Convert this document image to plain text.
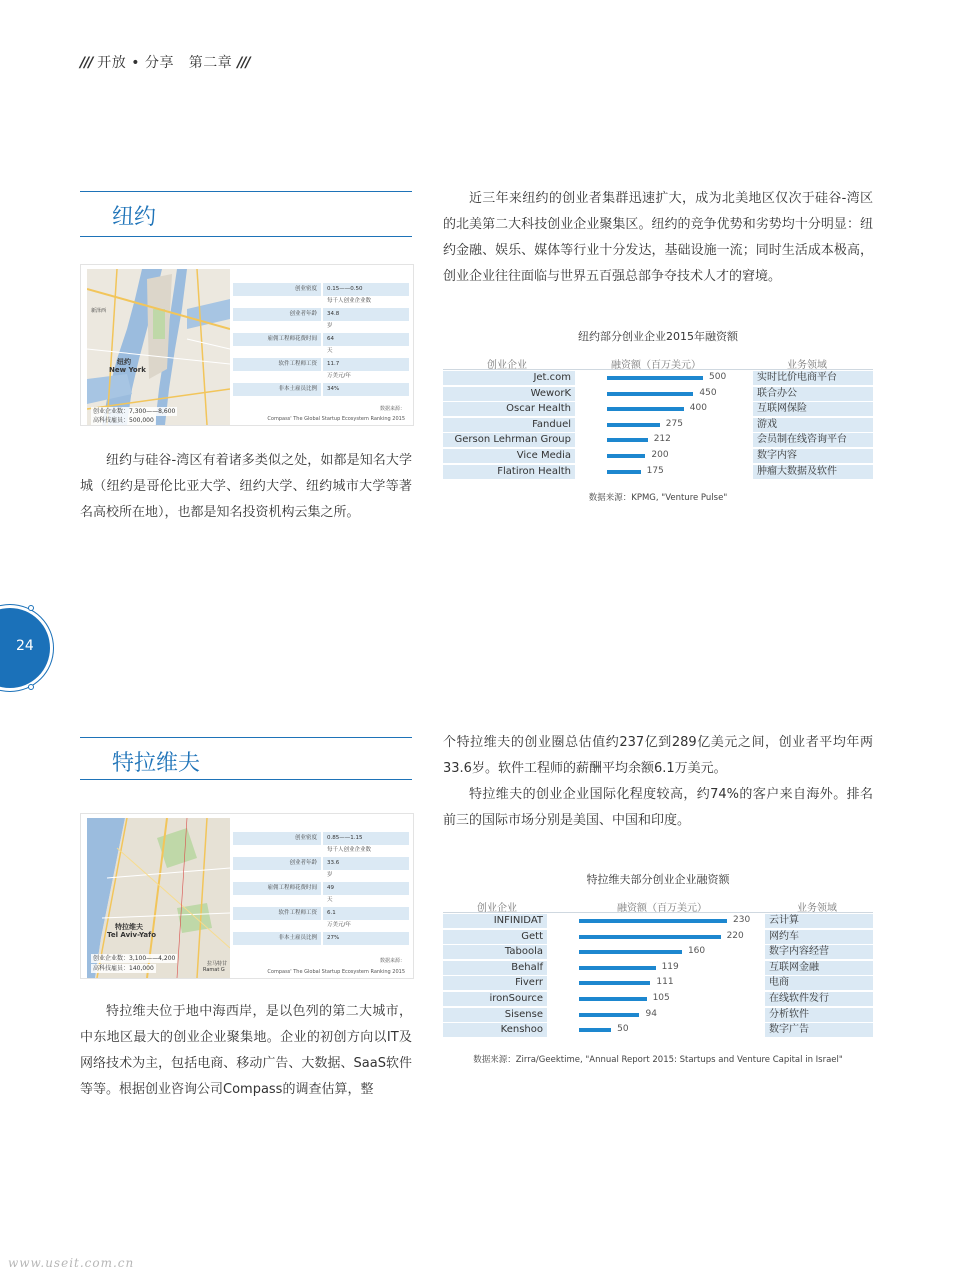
/// 开放 • 分享   第二章 ///
纽约
近三年来纽约的创业者集群迅速扩大，成为北美地区仅次于硅谷-湾区的北美第二大科技创业企业聚集区。纽约的竞争优势和劣势均十分明显：纽约金融、娱乐、媒体等行业十分发达，基础设施一流；同时生活成本极高，创业企业往往面临与世界五百强总部争夺技术人才的窘境。
新泽西
纽约
New York
创业企业数：7,300——8,600
高科技雇员：500,000
创业密度	0.15——0.50
每千人创业企业数
创业者年龄	34.8
岁
雇佣工程师花费时间	64
天
软件工程师工资	11.7
万美元/年
非本土雇员比例	34%
数据来源：
Compass' The Global Startup Ecosystem Ranking 2015
纽约与硅谷-湾区有着诸多类似之处，如都是知名大学城（纽约是哥伦比亚大学、纽约大学、纽约城市大学等著名高校所在地），也都是知名投资机构云集之所。
纽约部分创业企业2015年融资额
创业企业	融资额（百万美元）	业务领域
Jet.com	500	实时比价电商平台
WeworK	450	联合办公
Oscar Health	400	互联网保险
Fanduel	275	游戏
Gerson Lehrman Group	212	会员制在线咨询平台
Vice Media	200	数字内容
Flatiron Health	175	肿瘤大数据及软件
数据来源：KPMG, "Venture Pulse"
24
特拉维夫
个特拉维夫的创业圈总估值约237亿到289亿美元之间，创业者平均年两33.6岁。软件工程师的薪酬平均余额6.1万美元。
特拉维夫的创业企业国际化程度较高，约74%的客户来自海外。排名前三的国际市场分别是美国、中国和印度。
特拉维夫
Tel Aviv-Yafo
拉马特甘
Ramat G
创业企业数：3,100——4,200
高科技雇员：140,000
创业密度	0.85——1.15
每千人创业企业数
创业者年龄	33.6
岁
雇佣工程师花费时间	49
天
软件工程师工资	6.1
万美元/年
非本土雇员比例	27%
数据来源：
Compass' The Global Startup Ecosystem Ranking 2015
特拉维夫位于地中海西岸，是以色列的第二大城市，中东地区最大的创业企业聚集地。企业的初创方向以IT及网络技术为主，包括电商、移动广告、大数据、SaaS软件等等。根据创业咨询公司Compass的调查估算，整
特拉维夫部分创业企业融资额
创业企业	融资额（百万美元）	业务领域
INFINIDAT	230 云计算
Gett	220	网约车
Taboola	160	数字内容经营
Behalf	119	互联网金融
Fiverr	111	电商
ironSource	105	在线软件发行
Sisense	94	分析软件
Kenshoo	50	数字广告
数据来源：Zirra/Geektime, "Annual Report 2015: Startups and Venture Capital in Israel"
www.useit.com.cn
